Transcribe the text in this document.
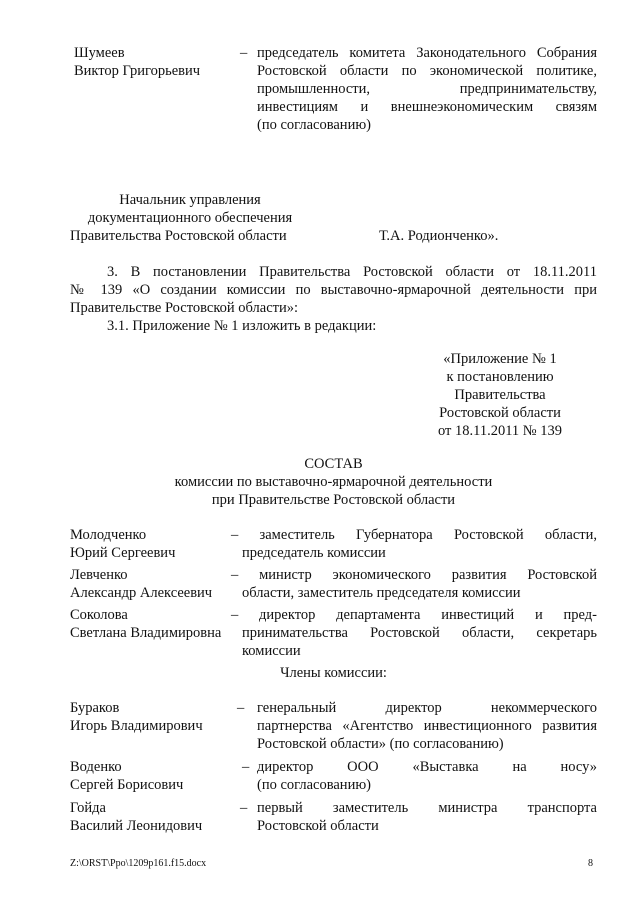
Шумеев
Виктор Григорьевич
– председатель комитета Законодательного Собрания
Ростовской области по экономической политике,
промышленности, предпринимательству,
инвестициям и внешнеэкономическим связям
(по согласованию)
Начальник управления
документационного обеспечения
Правительства Ростовской области	Т.А. Родионченко».
3. В постановлении Правительства Ростовской области от 18.11.2011
№ 139 «О создании комиссии по выставочно-ярмарочной деятельности при
Правительстве Ростовской области»:
3.1. Приложение № 1 изложить в редакции:
«Приложение № 1
к постановлению
Правительства
Ростовской области
от 18.11.2011 № 139
СОСТАВ
комиссии по выставочно-ярмарочной деятельности
при Правительстве Ростовской области
Молодченко
Юрий Сергеевич
– заместитель Губернатора Ростовской области,
председатель комиссии
Левченко
Александр Алексеевич
– министр экономического развития Ростовской
области, заместитель председателя комиссии
Соколова
Светлана Владимировна
– директор департамента инвестиций и пред-
принимательства Ростовской области, секретарь
комиссии
Члены комиссии:
Бураков
Игорь Владимирович
– генеральный директор некоммерческого
партнерства «Агентство инвестиционного развития
Ростовской области» (по согласованию)
Воденко
Сергей Борисович
– директор ООО «Выставка на носу»
(по согласованию)
Гойда
Василий Леонидович
– первый заместитель министра транспорта
Ростовской области
Z:\ORST\Ppo\1209p161.f15.docx	8
